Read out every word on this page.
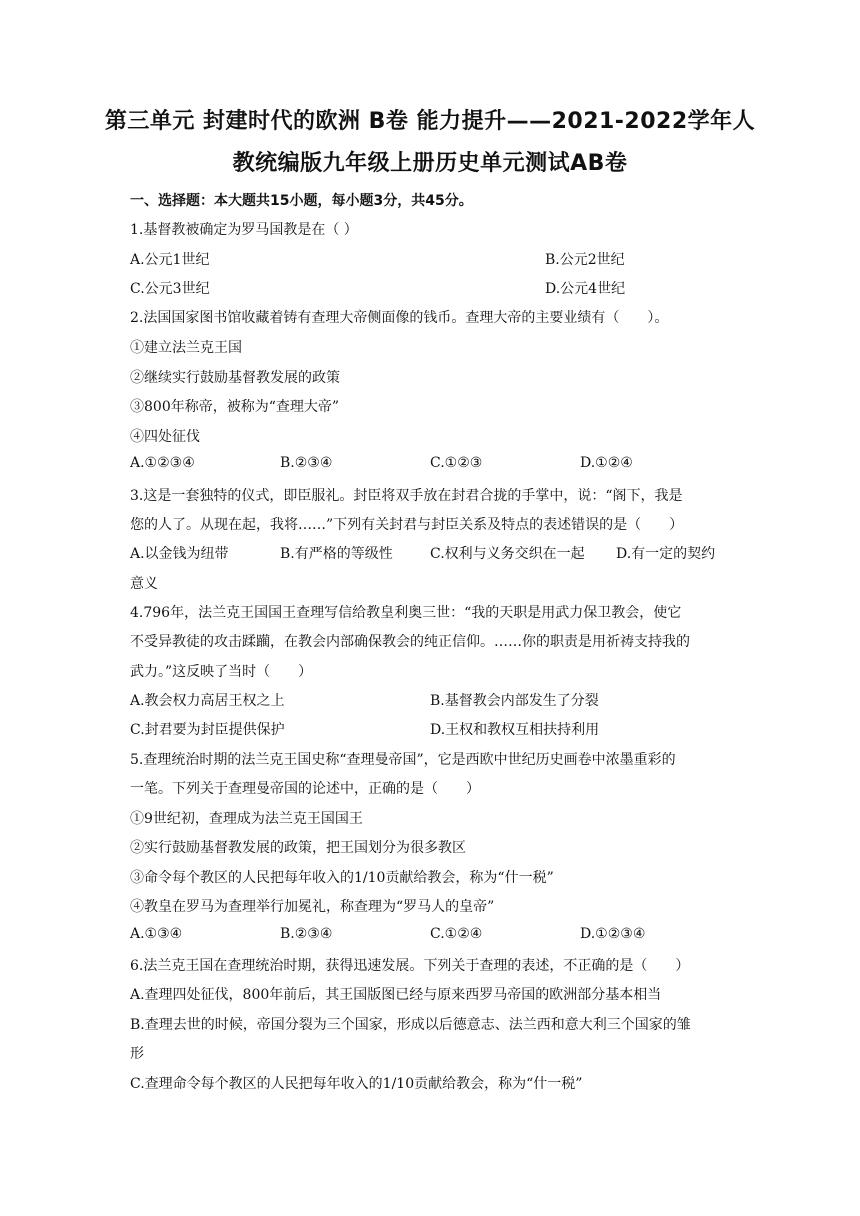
第三单元 封建时代的欧洲 B卷 能力提升——2021-2022学年人
教统编版九年级上册历史单元测试AB卷
一、选择题：本大题共15小题，每小题3分，共45分。
1.基督教被确定为罗马国教是在（ ）
A.公元1世纪	B.公元2世纪
C.公元3世纪	D.公元4世纪
2.法国国家图书馆收藏着铸有查理大帝侧面像的钱币。查理大帝的主要业绩有（　　）。
①建立法兰克王国
②继续实行鼓励基督教发展的政策
③800年称帝，被称为“查理大帝”
④四处征伐
A.①②③④	B.②③④	C.①②③	D.①②④
3.这是一套独特的仪式，即臣服礼。封臣将双手放在封君合拢的手掌中，说：“阁下，我是
您的人了。从现在起，我将……”下列有关封君与封臣关系及特点的表述错误的是（　　）
A.以金钱为纽带	B.有严格的等级性	C.权利与义务交织在一起 D.有一定的契约
意义
4.796年，法兰克王国国王查理写信给教皇利奥三世：“我的天职是用武力保卫教会，使它
不受异教徒的攻击蹂躏，在教会内部确保教会的纯正信仰。……你的职责是用祈祷支持我的
武力。”这反映了当时（　　）
A.教会权力高居王权之上	B.基督教会内部发生了分裂
C.封君要为封臣提供保护	D.王权和教权互相扶持利用
5.查理统治时期的法兰克王国史称“查理曼帝国”，它是西欧中世纪历史画卷中浓墨重彩的
一笔。下列关于查理曼帝国的论述中，正确的是（　　）
①9世纪初，查理成为法兰克王国国王
②实行鼓励基督教发展的政策，把王国划分为很多教区
③命令每个教区的人民把每年收入的1/10贡献给教会，称为“什一税”
④教皇在罗马为查理举行加冕礼，称查理为“罗马人的皇帝”
A.①③④	B.②③④	C.①②④	D.①②③④
6.法兰克王国在查理统治时期，获得迅速发展。下列关于查理的表述，不正确的是（　　）
A.查理四处征伐，800年前后，其王国版图已经与原来西罗马帝国的欧洲部分基本相当
B.查理去世的时候，帝国分裂为三个国家，形成以后德意志、法兰西和意大利三个国家的雏
形
C.查理命令每个教区的人民把每年收入的1/10贡献给教会，称为“什一税”
